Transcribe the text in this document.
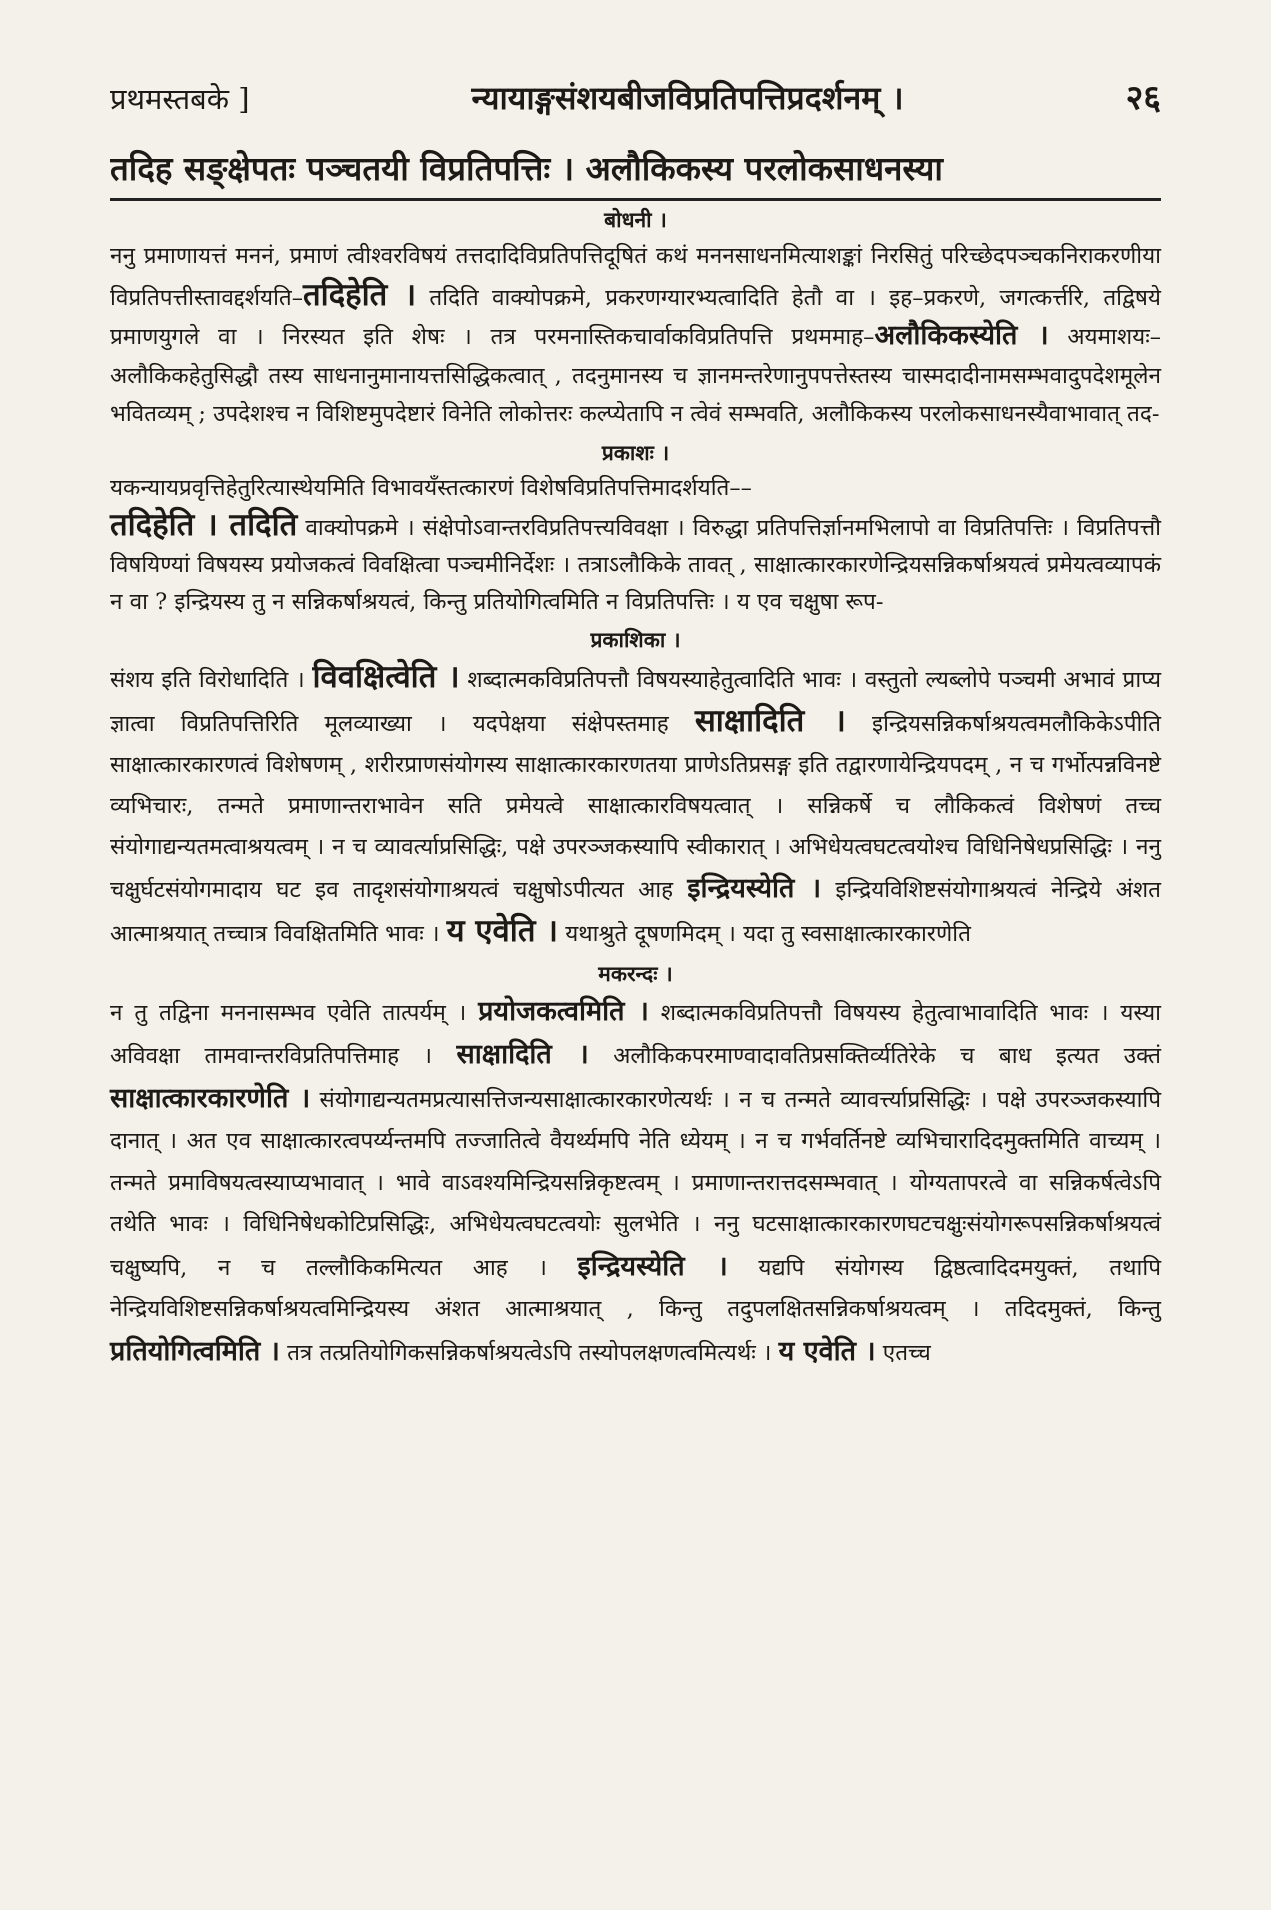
प्रथमस्तबके ]	न्यायाङ्गसंशयबीजविप्रतिपत्तिप्रदर्शनम् ।	२६
तदिह सङ्क्षेपतः पञ्चतयी विप्रतिपत्तिः । अलौकिकस्य परलोकसाधनस्या
बोधनी ।

ननु प्रमाणायत्तं मननं, प्रमाणं त्वीश्वरविषयं तत्तदादिविप्रतिपत्तिदूषितं कथं मननसाधनमित्याशङ्कां निरसितुं परिच्छेदपञ्चकनिराकरणीया विप्रतिपत्तीस्तावद्दर्शयति–तदिहेति । तदिति वाक्योपक्रमे, प्रकरणग्यारभ्यत्वादिति हेतौ वा । इह–प्रकरणे, जगत्कर्त्तरि, तद्विषये प्रमाणयुगले वा । निरस्यत इति शेषः । तत्र परमनास्तिकचार्वाकविप्रतिपत्ति प्रथममाह–अलौकिकस्येति । अयमाशयः–अलौकिकहेतुसिद्धौ तस्य साधनानुमानायत्तसिद्धिकत्वात् , तदनुमानस्य च ज्ञानमन्तरेणानुपपत्तेस्तस्य चास्मदादीनामसम्भवादुपदेशमूलेन भवितव्यम् ; उपदेशश्च न विशिष्टमुपदेष्टारं विनेति लोकोत्तरः कल्प्येतापि न त्वेवं सम्भवति, अलौकिकस्य परलोकसाधनस्यैवाभावात् तद-

प्रकाशः ।

यकन्यायप्रवृत्तिहेतुरित्यास्थेयमिति विभावयँस्तत्कारणं विशेषविप्रतिपत्तिमादर्शयति––
तदिहेति । तदिति वाक्योपक्रमे । संक्षेपोऽवान्तरविप्रतिपत्त्यविवक्षा । विरुद्धा प्रतिपत्तिर्ज्ञानमभिलापो वा विप्रतिपत्तिः । विप्रतिपत्तौ विषयिण्यां विषयस्य प्रयोजकत्वं विवक्षित्वा पञ्चमीनिर्देशः । तत्राऽलौकिके तावत् , साक्षात्कारकारणेन्द्रियसन्निकर्षाश्रयत्वं प्रमेयत्वव्यापकं न वा ? इन्द्रियस्य तु न सन्निकर्षाश्रयत्वं, किन्तु प्रतियोगित्वमिति न विप्रतिपत्तिः । य एव चक्षुषा रूप-

प्रकाशिका ।

संशय इति विरोधादिति । विवक्षित्वेति । शब्दात्मकविप्रतिपत्तौ विषयस्याहेतुत्वादिति भावः । वस्तुतो ल्यब्लोपे पञ्चमी अभावं प्राप्य ज्ञात्वा विप्रतिपत्तिरिति मूलव्याख्या । यदपेक्षया संक्षेपस्तमाह साक्षादिति । इन्द्रियसन्निकर्षाश्रयत्वमलौकिकेऽपीति साक्षात्कारकारणत्वं विशेषणम् , शरीरप्राणसंयोगस्य साक्षात्कारकारणतया प्राणेऽतिप्रसङ्ग इति तद्वारणायेन्द्रियपदम् , न च गर्भोत्पन्नविनष्टे व्यभिचारः, तन्मते प्रमाणान्तराभावेन सति प्रमेयत्वे साक्षात्कारविषयत्वात् । सन्निकर्षे च लौकिकत्वं विशेषणं तच्च संयोगाद्यन्यतमत्वाश्रयत्वम् । न च व्यावर्त्याप्रसिद्धिः, पक्षे उपरञ्जकस्यापि स्वीकारात् । अभिधेयत्वघटत्वयोश्च विधिनिषेधप्रसिद्धिः । ननु चक्षुर्घटसंयोगमादाय घट इव तादृशसंयोगाश्रयत्वं चक्षुषोऽपीत्यत आह इन्द्रियस्येति । इन्द्रियविशिष्टसंयोगाश्रयत्वं नेन्द्रिये अंशत आत्माश्रयात् तच्चात्र विवक्षितमिति भावः । य एवेति । यथाश्रुते दूषणमिदम् । यदा तु स्वसाक्षात्कारकारणेति

मकरन्दः ।

न तु तद्विना मननासम्भव एवेति तात्पर्यम् । प्रयोजकत्वमिति । शब्दात्मकविप्रतिपत्तौ विषयस्य हेतुत्वाभावादिति भावः । यस्या अविवक्षा तामवान्तरविप्रतिपत्तिमाह । साक्षादिति । अलौकिकपरमाण्वादावतिप्रसक्तिर्व्यतिरेके च बाध इत्यत उक्तं साक्षात्कारकारणेति । संयोगाद्यन्यतमप्रत्यासत्तिजन्यसाक्षात्कारकारणेत्यर्थः । न च तन्मते व्यावर्त्त्याप्रसिद्धिः । पक्षे उपरञ्जकस्यापि दानात् । अत एव साक्षात्कारत्वपर्य्यन्तमपि तज्जातित्वे वैयर्थ्यमपि नेति ध्येयम् । न च गर्भवर्तिनष्टे व्यभिचारादिदमुक्तमिति वाच्यम् । तन्मते प्रमाविषयत्वस्याप्यभावात् । भावे वाऽवश्यमिन्द्रियसन्निकृष्टत्वम् । प्रमाणान्तरात्तदसम्भवात् । योग्यतापरत्वे वा सन्निकर्षत्वेऽपि तथेति भावः । विधिनिषेधकोटिप्रसिद्धिः, अभिधेयत्वघटत्वयोः सुलभेति । ननु घटसाक्षात्कारकारणघटचक्षुःसंयोगरूपसन्निकर्षाश्रयत्वं चक्षुष्यपि, न च तल्लौकिकमित्यत आह । इन्द्रियस्येति । यद्यपि संयोगस्य द्विष्ठत्वादिदमयुक्तं, तथापि नेन्द्रियविशिष्टसन्निकर्षाश्रयत्वमिन्द्रियस्य अंशत आत्माश्रयात् , किन्तु तदुपलक्षितसन्निकर्षाश्रयत्वम् । तदिदमुक्तं, किन्तु प्रतियोगित्वमिति । तत्र तत्प्रतियोगिकसन्निकर्षाश्रयत्वेऽपि तस्योपलक्षणत्वमित्यर्थः । य एवेति । एतच्च
